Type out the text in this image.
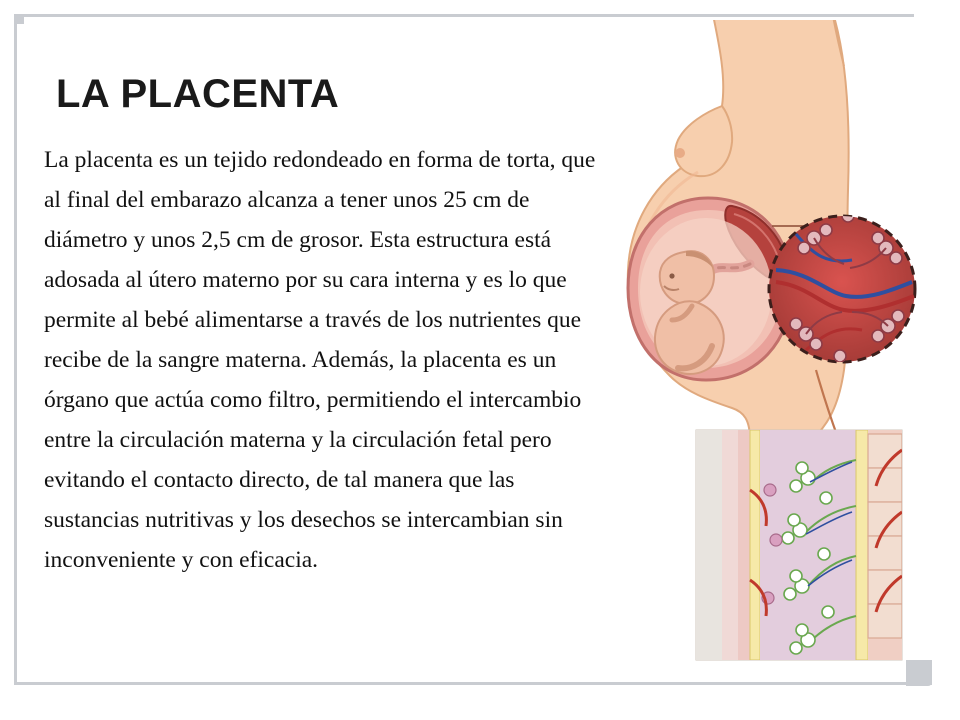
LA PLACENTA
La placenta es un tejido redondeado en forma de torta, que al final del embarazo alcanza a tener unos 25 cm de diámetro y unos 2,5 cm de grosor. Esta estructura está adosada al útero materno por su cara interna y es lo que permite al bebé alimentarse a través de los nutrientes que recibe de la sangre materna. Además, la placenta es un órgano que actúa como filtro, permitiendo el intercambio entre la circulación materna y la circulación fetal pero evitando el contacto directo, de tal manera que las sustancias nutritivas y los desechos se intercambian sin inconveniente y con eficacia.
